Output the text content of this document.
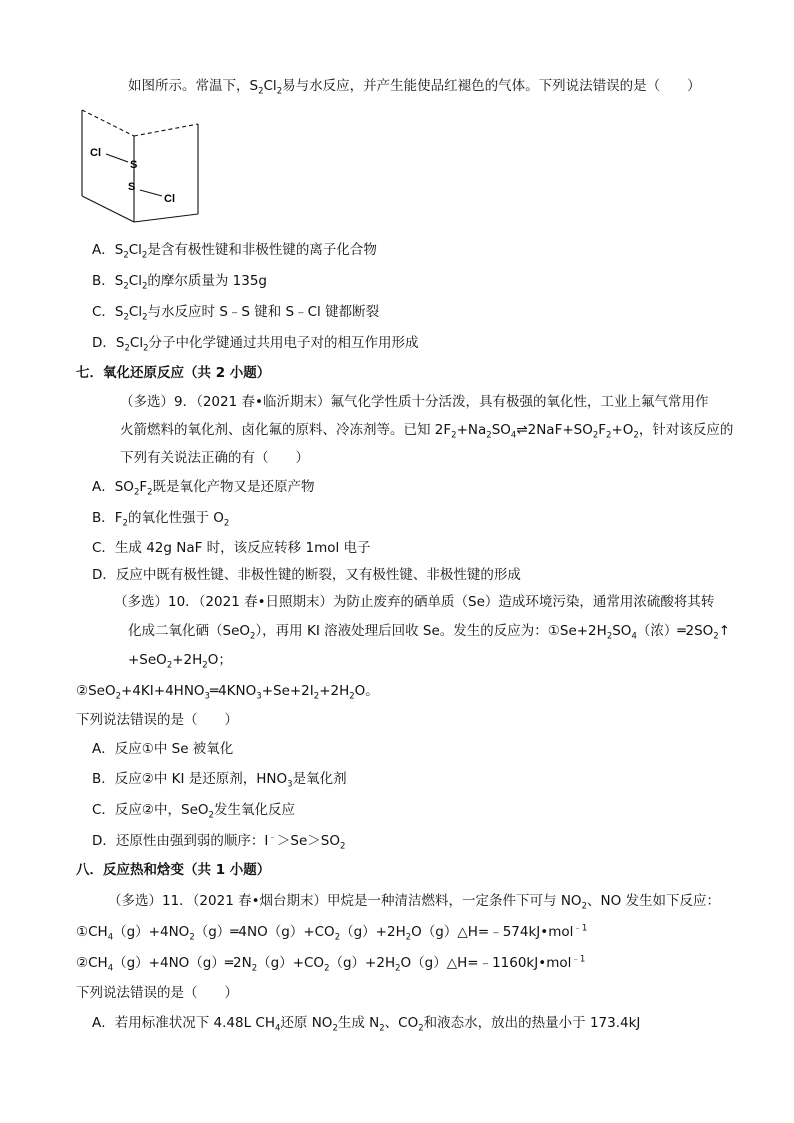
如图所示。常温下，$S_2Cl_2$易与水反应，并产生能使品红褪色的气体。下列说法错误的是（　　）
Cl
S
S
Cl
A．$S_2Cl_2$是含有极性键和非极性键的离子化合物
B．$S_2Cl_2$的摩尔质量为 135g
C．$S_2Cl_2$与水反应时 S﹣S 键和 S﹣Cl 键都断裂
D．$S_2Cl_2$分子中化学键通过共用电子对的相互作用形成
七．氧化还原反应（共 2 小题）
（多选）9．（2021 春•临沂期末）氟气化学性质十分活泼，具有极强的氧化性，工业上氟气常用作
火箭燃料的氧化剂、卤化氟的原料、冷冻剂等。已知 $2F_2+Na_2SO_4\rightleftharpoons 2NaF+SO_2F_2+O_2$，针对该反应的
下列有关说法正确的有（　　）
A．$SO_2F_2$既是氧化产物又是还原产物
B．$F_2$的氧化性强于 $O_2$
C．生成 42g NaF 时，该反应转移 1mol 电子
D．反应中既有极性键、非极性键的断裂，又有极性键、非极性键的形成
（多选）10．（2021 春•日照期末）为防止废弃的硒单质（Se）造成环境污染，通常用浓硫酸将其转
化成二氧化硒（SeO$_2$），再用 KI 溶液处理后回收 Se。发生的反应为：$①Se+2H_2SO_4$（浓）$═2SO_2↑$
$+SeO_2+2H_2O$；
$②SeO_2+4KI+4HNO_3═4KNO_3+Se+2I_2+2H_2O$。
下列说法错误的是（　　）
A．反应①中 Se 被氧化
B．反应②中 KI 是还原剂，$HNO_3$是氧化剂
C．反应②中，SeO$_2$发生氧化反应
D．还原性由强到弱的顺序：$I^﹣>Se>SO_2$
八．反应热和焓变（共 1 小题）
（多选）11．（2021 春•烟台期末）甲烷是一种清洁燃料，一定条件下可与 $NO_2$、NO 发生如下反应：
$①CH_4(g)+4NO_2(g)═4NO(g)+CO_2(g)+2H_2O(g)\triangle H=﹣574kJ•mol^{﹣1}$
$②CH_4(g)+4NO(g)═2N_2(g)+CO_2(g)+2H_2O(g)\triangle H=﹣1160kJ•mol^{﹣1}$
下列说法错误的是（　　）
A．若用标准状况下 4.48L $CH_4$还原 $NO_2$生成 $N_2$、$CO_2$和液态水，放出的热量小于 173.4kJ
